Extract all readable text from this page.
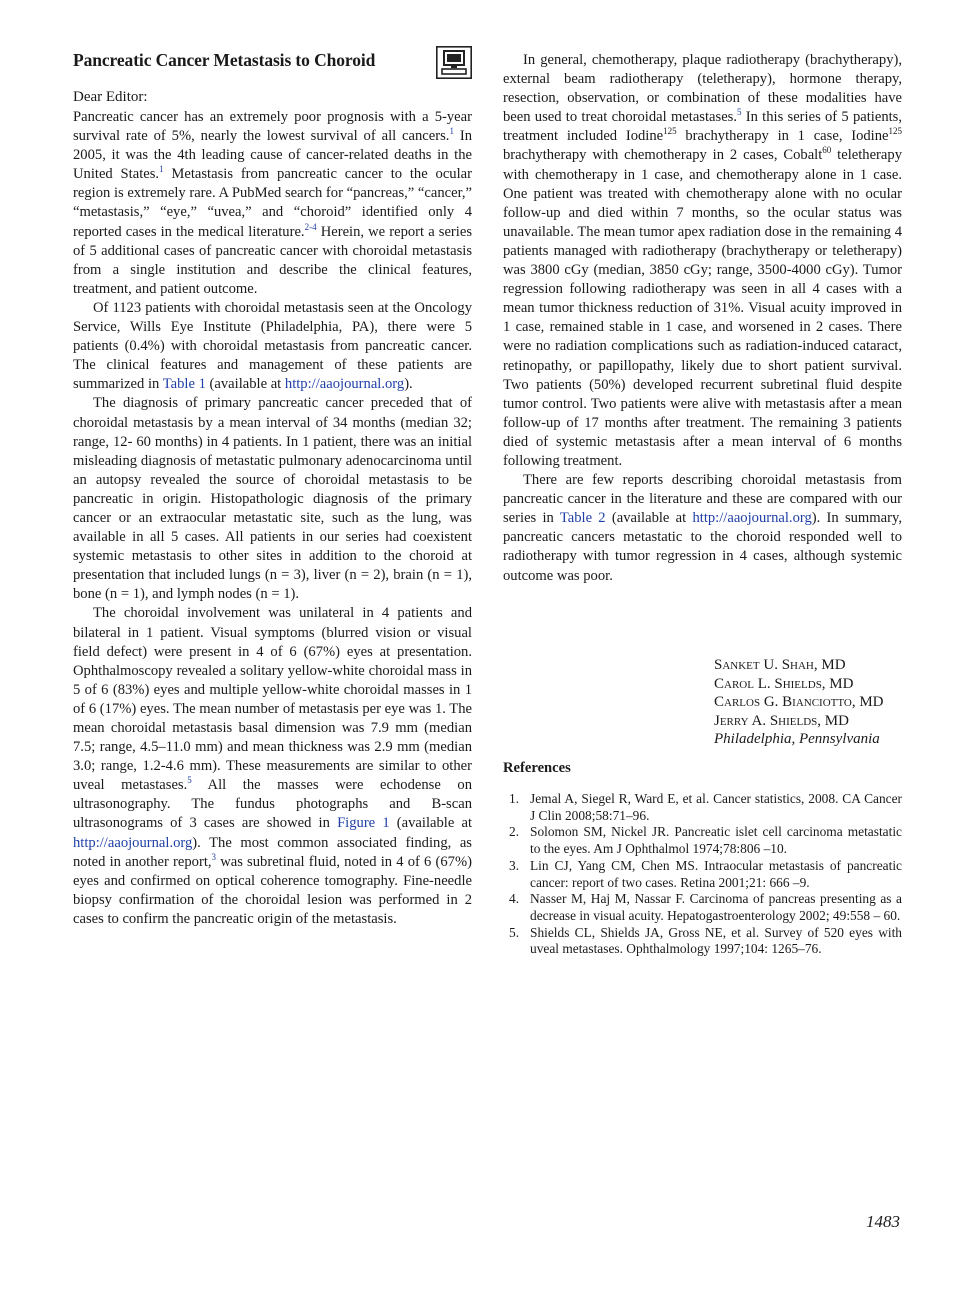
Pancreatic Cancer Metastasis to Choroid
Dear Editor:

Pancreatic cancer has an extremely poor prognosis with a 5-year survival rate of 5%, nearly the lowest survival of all cancers.$^1$ In 2005, it was the 4th leading cause of cancer-related deaths in the United States.$^1$ Metastasis from pancreatic cancer to the ocular region is extremely rare. A PubMed search for “pancreas,” “cancer,” “metastasis,” “eye,” “uvea,” and “choroid” identified only 4 reported cases in the medical literature.$^{2-4}$ Herein, we report a series of 5 additional cases of pancreatic cancer with choroidal metastasis from a single institution and describe the clinical features, treatment, and patient outcome.

Of 1123 patients with choroidal metastasis seen at the Oncology Service, Wills Eye Institute (Philadelphia, PA), there were 5 patients (0.4%) with choroidal metastasis from pancreatic cancer. The clinical features and management of these patients are summarized in Table 1 (available at http://aaojournal.org).

The diagnosis of primary pancreatic cancer preceded that of choroidal metastasis by a mean interval of 34 months (median 32; range, 12- 60 months) in 4 patients. In 1 patient, there was an initial misleading diagnosis of metastatic pulmonary adenocarcinoma until an autopsy revealed the source of choroidal metastasis to be pancreatic in origin. Histopathologic diagnosis of the primary cancer or an extraocular metastatic site, such as the lung, was available in all 5 cases. All patients in our series had coexistent systemic metastasis to other sites in addition to the choroid at presentation that included lungs (n = 3), liver (n = 2), brain (n = 1), bone (n = 1), and lymph nodes (n = 1).

The choroidal involvement was unilateral in 4 patients and bilateral in 1 patient. Visual symptoms (blurred vision or visual field defect) were present in 4 of 6 (67%) eyes at presentation. Ophthalmoscopy revealed a solitary yellow-white choroidal mass in 5 of 6 (83%) eyes and multiple yellow-white choroidal masses in 1 of 6 (17%) eyes. The mean number of metastasis per eye was 1. The mean choroidal metastasis basal dimension was 7.9 mm (median 7.5; range, 4.5–11.0 mm) and mean thickness was 2.9 mm (median 3.0; range, 1.2-4.6 mm). These measurements are similar to other uveal metastases.$^5$ All the masses were echodense on ultrasonography. The fundus photographs and B-scan ultrasonograms of 3 cases are showed in Figure 1 (available at http://aaojournal.org). The most common associated finding, as noted in another report,$^3$ was subretinal fluid, noted in 4 of 6 (67%) eyes and confirmed on optical coherence tomography. Fine-needle biopsy confirmation of the choroidal lesion was performed in 2 cases to confirm the pancreatic origin of the metastasis.

In general, chemotherapy, plaque radiotherapy (brachytherapy), external beam radiotherapy (teletherapy), hormone therapy, resection, observation, or combination of these modalities have been used to treat choroidal metastases.$^5$ In this series of 5 patients, treatment included Iodine$^{125}$ brachytherapy in 1 case, Iodine$^{125}$ brachytherapy with chemotherapy in 2 cases, Cobalt$^{60}$ teletherapy with chemotherapy in 1 case, and chemotherapy alone in 1 case. One patient was treated with chemotherapy alone with no ocular follow-up and died within 7 months, so the ocular status was unavailable. The mean tumor apex radiation dose in the remaining 4 patients managed with radiotherapy (brachytherapy or teletherapy) was 3800 cGy (median, 3850 cGy; range, 3500-4000 cGy). Tumor regression following radiotherapy was seen in all 4 cases with a mean tumor thickness reduction of 31%. Visual acuity improved in 1 case, remained stable in 1 case, and worsened in 2 cases. There were no radiation complications such as radiation-induced cataract, retinopathy, or papillopathy, likely due to short patient survival. Two patients (50%) developed recurrent subretinal fluid despite tumor control. Two patients were alive with metastasis after a mean follow-up of 17 months after treatment. The remaining 3 patients died of systemic metastasis after a mean interval of 6 months following treatment.

There are few reports describing choroidal metastasis from pancreatic cancer in the literature and these are compared with our series in Table 2 (available at http://aaojournal.org). In summary, pancreatic cancers metastatic to the choroid responded well to radiotherapy with tumor regression in 4 cases, although systemic outcome was poor.

Sanket U. Shah, MD
Carol L. Shields, MD
Carlos G. Bianciotto, MD
Jerry A. Shields, MD
Philadelphia, Pennsylvania
References
1. Jemal A, Siegel R, Ward E, et al. Cancer statistics, 2008. CA Cancer J Clin 2008;58:71–96.
2. Solomon SM, Nickel JR. Pancreatic islet cell carcinoma metastatic to the eyes. Am J Ophthalmol 1974;78:806 –10.
3. Lin CJ, Yang CM, Chen MS. Intraocular metastasis of pancreatic cancer: report of two cases. Retina 2001;21: 666 –9.
4. Nasser M, Haj M, Nassar F. Carcinoma of pancreas presenting as a decrease in visual acuity. Hepatogastroenterology 2002; 49:558 – 60.
5. Shields CL, Shields JA, Gross NE, et al. Survey of 520 eyes with uveal metastases. Ophthalmology 1997;104: 1265–76.
1483
